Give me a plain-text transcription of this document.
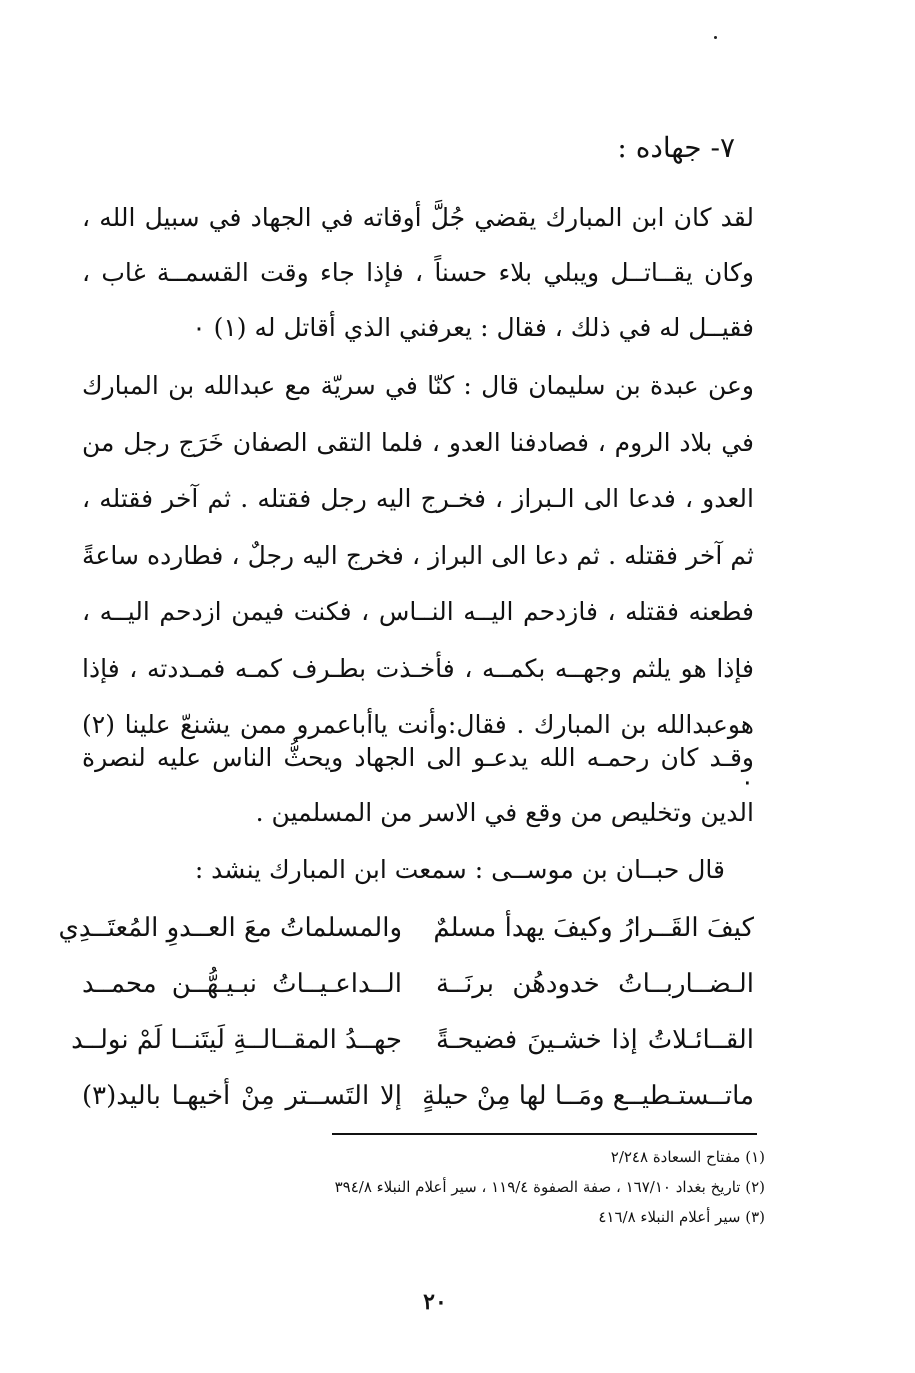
٧- جهاده :

لقد كان ابن المبارك يقضي جُلَّ أوقاته في الجهاد في سبيل الله ، وكان يقــاتــل ويبلي بلاء حسناً ، فإذا جاء وقت القسمــة غاب ، فقيــل له في ذلك ، فقال : يعرفني الذي أقاتل له (١) ٠

وعن عبدة بن سليمان قال : كنّا في سريّة مع عبدالله بن المبارك في بلاد الروم ، فصادفنا العدو ، فلما التقى الصفان خَرَج رجل من العدو ، فدعا الى الـبراز ، فخـرج اليه رجل فقتله . ثم آخر فقتله ، ثم آخر فقتله . ثم دعا الى البراز ، فخرج اليه رجلٌ ، فطارده ساعةً فطعنه فقتله ، فازدحم اليــه النــاس ، فكنت فيمن ازدحم اليــه ، فإذا هو يلثم وجهــه بكمــه ، فأخـذت بطـرف كمـه فمـددته ، فإذا هوعبدالله بن المبارك . فقال:وأنت ياأباعمرو ممن يشنعّ علينا (٢) ٠

وقـد كان رحمـه الله يدعـو الى الجهاد ويحثُّ الناس عليه لنصرة الدين وتخليص من وقع في الاسر من المسلمين .

قال حبــان بن موســى : سمعت ابن المبارك ينشد :
كيفَ القَــرارُ وكيفَ يهدأ مسلمٌ
والمسلماتُ معَ العــدوِ المُعتَــدِي
الـضــاربــاتُ خدودهُن برنَــة
الــداعـيــاتُ نبـيـهُّــن محمــد
القــائـلاتُ إذا خشـينَ فضيحـةً
جهــدُ المقــالــةِ لَيتَنــا لَمْ نولــد
ماتــستـطيــع ومَــا لها مِنْ حيلةٍ
إلا التَســتر مِنْ أخيهـا باليد(٣)
(١) مفتاح السعادة ٢/٢٤٨
(٢) تاريخ بغداد ١٦٧/١٠ ، صفة الصفوة ١١٩/٤ ، سير أعلام النبلاء ٣٩٤/٨
(٣) سير أعلام النبلاء ٤١٦/٨
٢٠
